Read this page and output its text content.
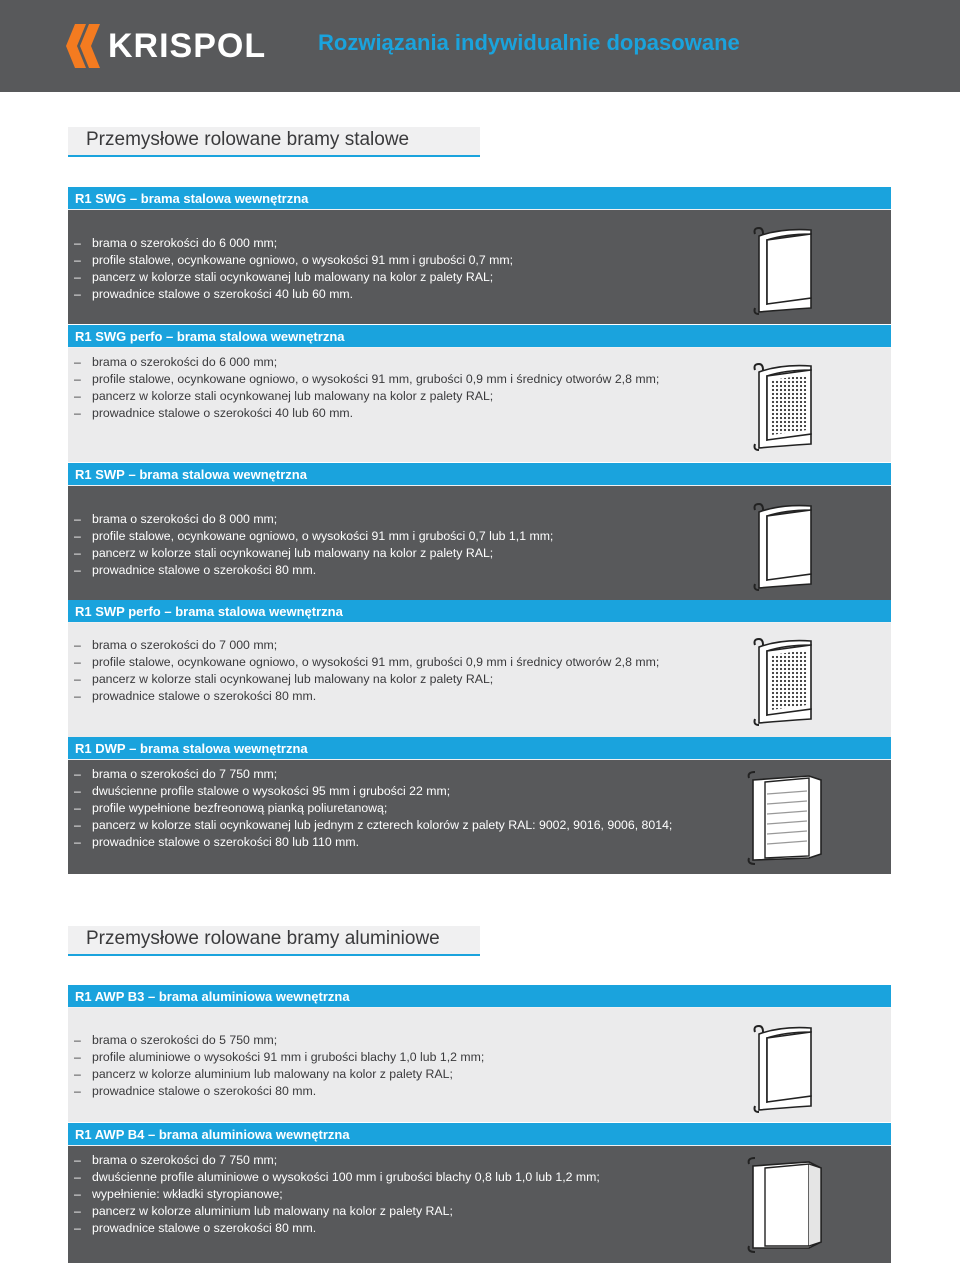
KRISPOL Rozwiązania indywidualnie dopasowane
Przemysłowe rolowane bramy stalowe
R1 SWG – brama stalowa wewnętrzna
– brama o szerokości do 6 000 mm;
– profile stalowe, ocynkowane ogniowo, o wysokości 91 mm i grubości 0,7 mm;
– pancerz w kolorze stali ocynkowanej lub malowany na kolor z palety RAL;
– prowadnice stalowe o szerokości 40 lub 60 mm.
R1 SWG perfo – brama stalowa wewnętrzna
– brama o szerokości do 6 000 mm;
– profile stalowe, ocynkowane ogniowo, o wysokości 91 mm, grubości 0,9 mm i średnicy otworów 2,8 mm;
– pancerz w kolorze stali ocynkowanej lub malowany na kolor z palety RAL;
– prowadnice stalowe o szerokości 40 lub 60 mm.
R1 SWP – brama stalowa wewnętrzna
– brama o szerokości do 8 000 mm;
– profile stalowe, ocynkowane ogniowo, o wysokości 91 mm i grubości 0,7 lub 1,1 mm;
– pancerz w kolorze stali ocynkowanej lub malowany na kolor z palety RAL;
– prowadnice stalowe o szerokości 80 mm.
R1 SWP perfo – brama stalowa wewnętrzna
– brama o szerokości do 7 000 mm;
– profile stalowe, ocynkowane ogniowo, o wysokości 91 mm, grubości 0,9 mm i średnicy otworów 2,8 mm;
– pancerz w kolorze stali ocynkowanej lub malowany na kolor z palety RAL;
– prowadnice stalowe o szerokości 80 mm.
R1 DWP – brama stalowa wewnętrzna
– brama o szerokości do 7 750 mm;
– dwuścienne profile stalowe o wysokości 95 mm i grubości 22 mm;
– profile wypełnione bezfreonową pianką poliuretanową;
– pancerz w kolorze stali ocynkowanej lub jednym z czterech kolorów z palety RAL: 9002, 9016, 9006, 8014;
– prowadnice stalowe o szerokości 80 lub 110 mm.
Przemysłowe rolowane bramy aluminiowe
R1 AWP B3 – brama aluminiowa wewnętrzna
– brama o szerokości do 5 750 mm;
– profile aluminiowe o wysokości 91 mm i grubości blachy 1,0 lub 1,2 mm;
– pancerz w kolorze aluminium lub malowany na kolor z palety RAL;
– prowadnice stalowe o szerokości 80 mm.
R1 AWP B4 – brama aluminiowa wewnętrzna
– brama o szerokości do 7 750 mm;
– dwuścienne profile aluminiowe o wysokości 100 mm i grubości blachy 0,8 lub 1,0 lub 1,2 mm;
– wypełnienie: wkładki styropianowe;
– pancerz w kolorze aluminium lub malowany na kolor z palety RAL;
– prowadnice stalowe o szerokości 80 mm.
